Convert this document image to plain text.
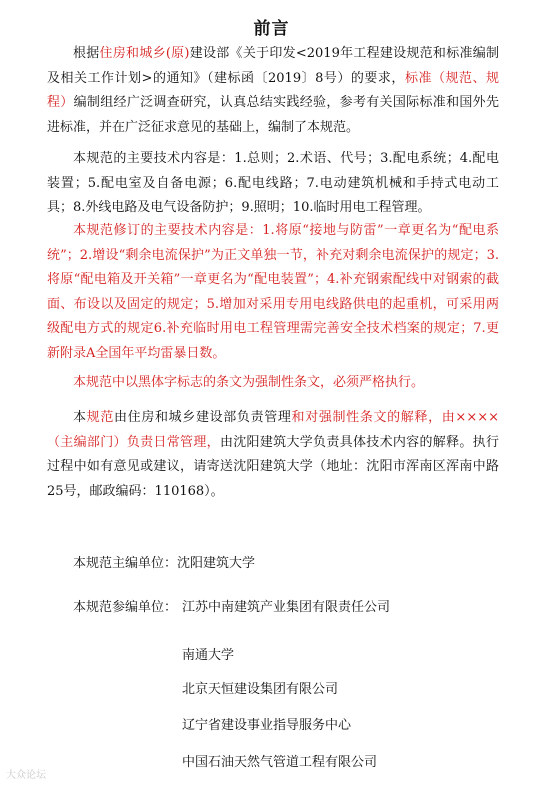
前言
根据住房和城乡(原)建设部《关于印发<2019年工程建设规范和标准编制及相关工作计划>的通知》（建标函〔2019〕8号）的要求，标准（规范、规程）编制组经广泛调查研究，认真总结实践经验，参考有关国际标准和国外先进标准，并在广泛征求意见的基础上，编制了本规范。
本规范的主要技术内容是：1.总则；2.术语、代号；3.配电系统；4.配电装置；5.配电室及自备电源；6.配电线路；7.电动建筑机械和手持式电动工具；8.外线电路及电气设备防护；9.照明；10.临时用电工程管理。
本规范修订的主要技术内容是：1.将原“接地与防雷”一章更名为“配电系统”；2.增设“剩余电流保护”为正文单独一节，补充对剩余电流保护的规定；3.将原“配电箱及开关箱”一章更名为“配电装置”；4.补充钢索配线中对钢索的截面、布设以及固定的规定；5.增加对采用专用电线路供电的起重机，可采用两级配电方式的规定6.补充临时用电工程管理需完善安全技术档案的规定；7.更新附录A全国年平均雷暴日数。
本规范中以黑体字标志的条文为强制性条文，必须严格执行。
本规范由住房和城乡建设部负责管理和对强制性条文的解释，由××××（主编部门）负责日常管理，由沈阳建筑大学负责具体技术内容的解释。执行过程中如有意见或建议，请寄送沈阳建筑大学（地址：沈阳市浑南区浑南中路25号，邮政编码：110168）。
本规范主编单位：沈阳建筑大学
本规范参编单位： 江苏中南建筑产业集团有限责任公司
南通大学
北京天恒建设集团有限公司
辽宁省建设事业指导服务中心
中国石油天然气管道工程有限公司
大众论坛
